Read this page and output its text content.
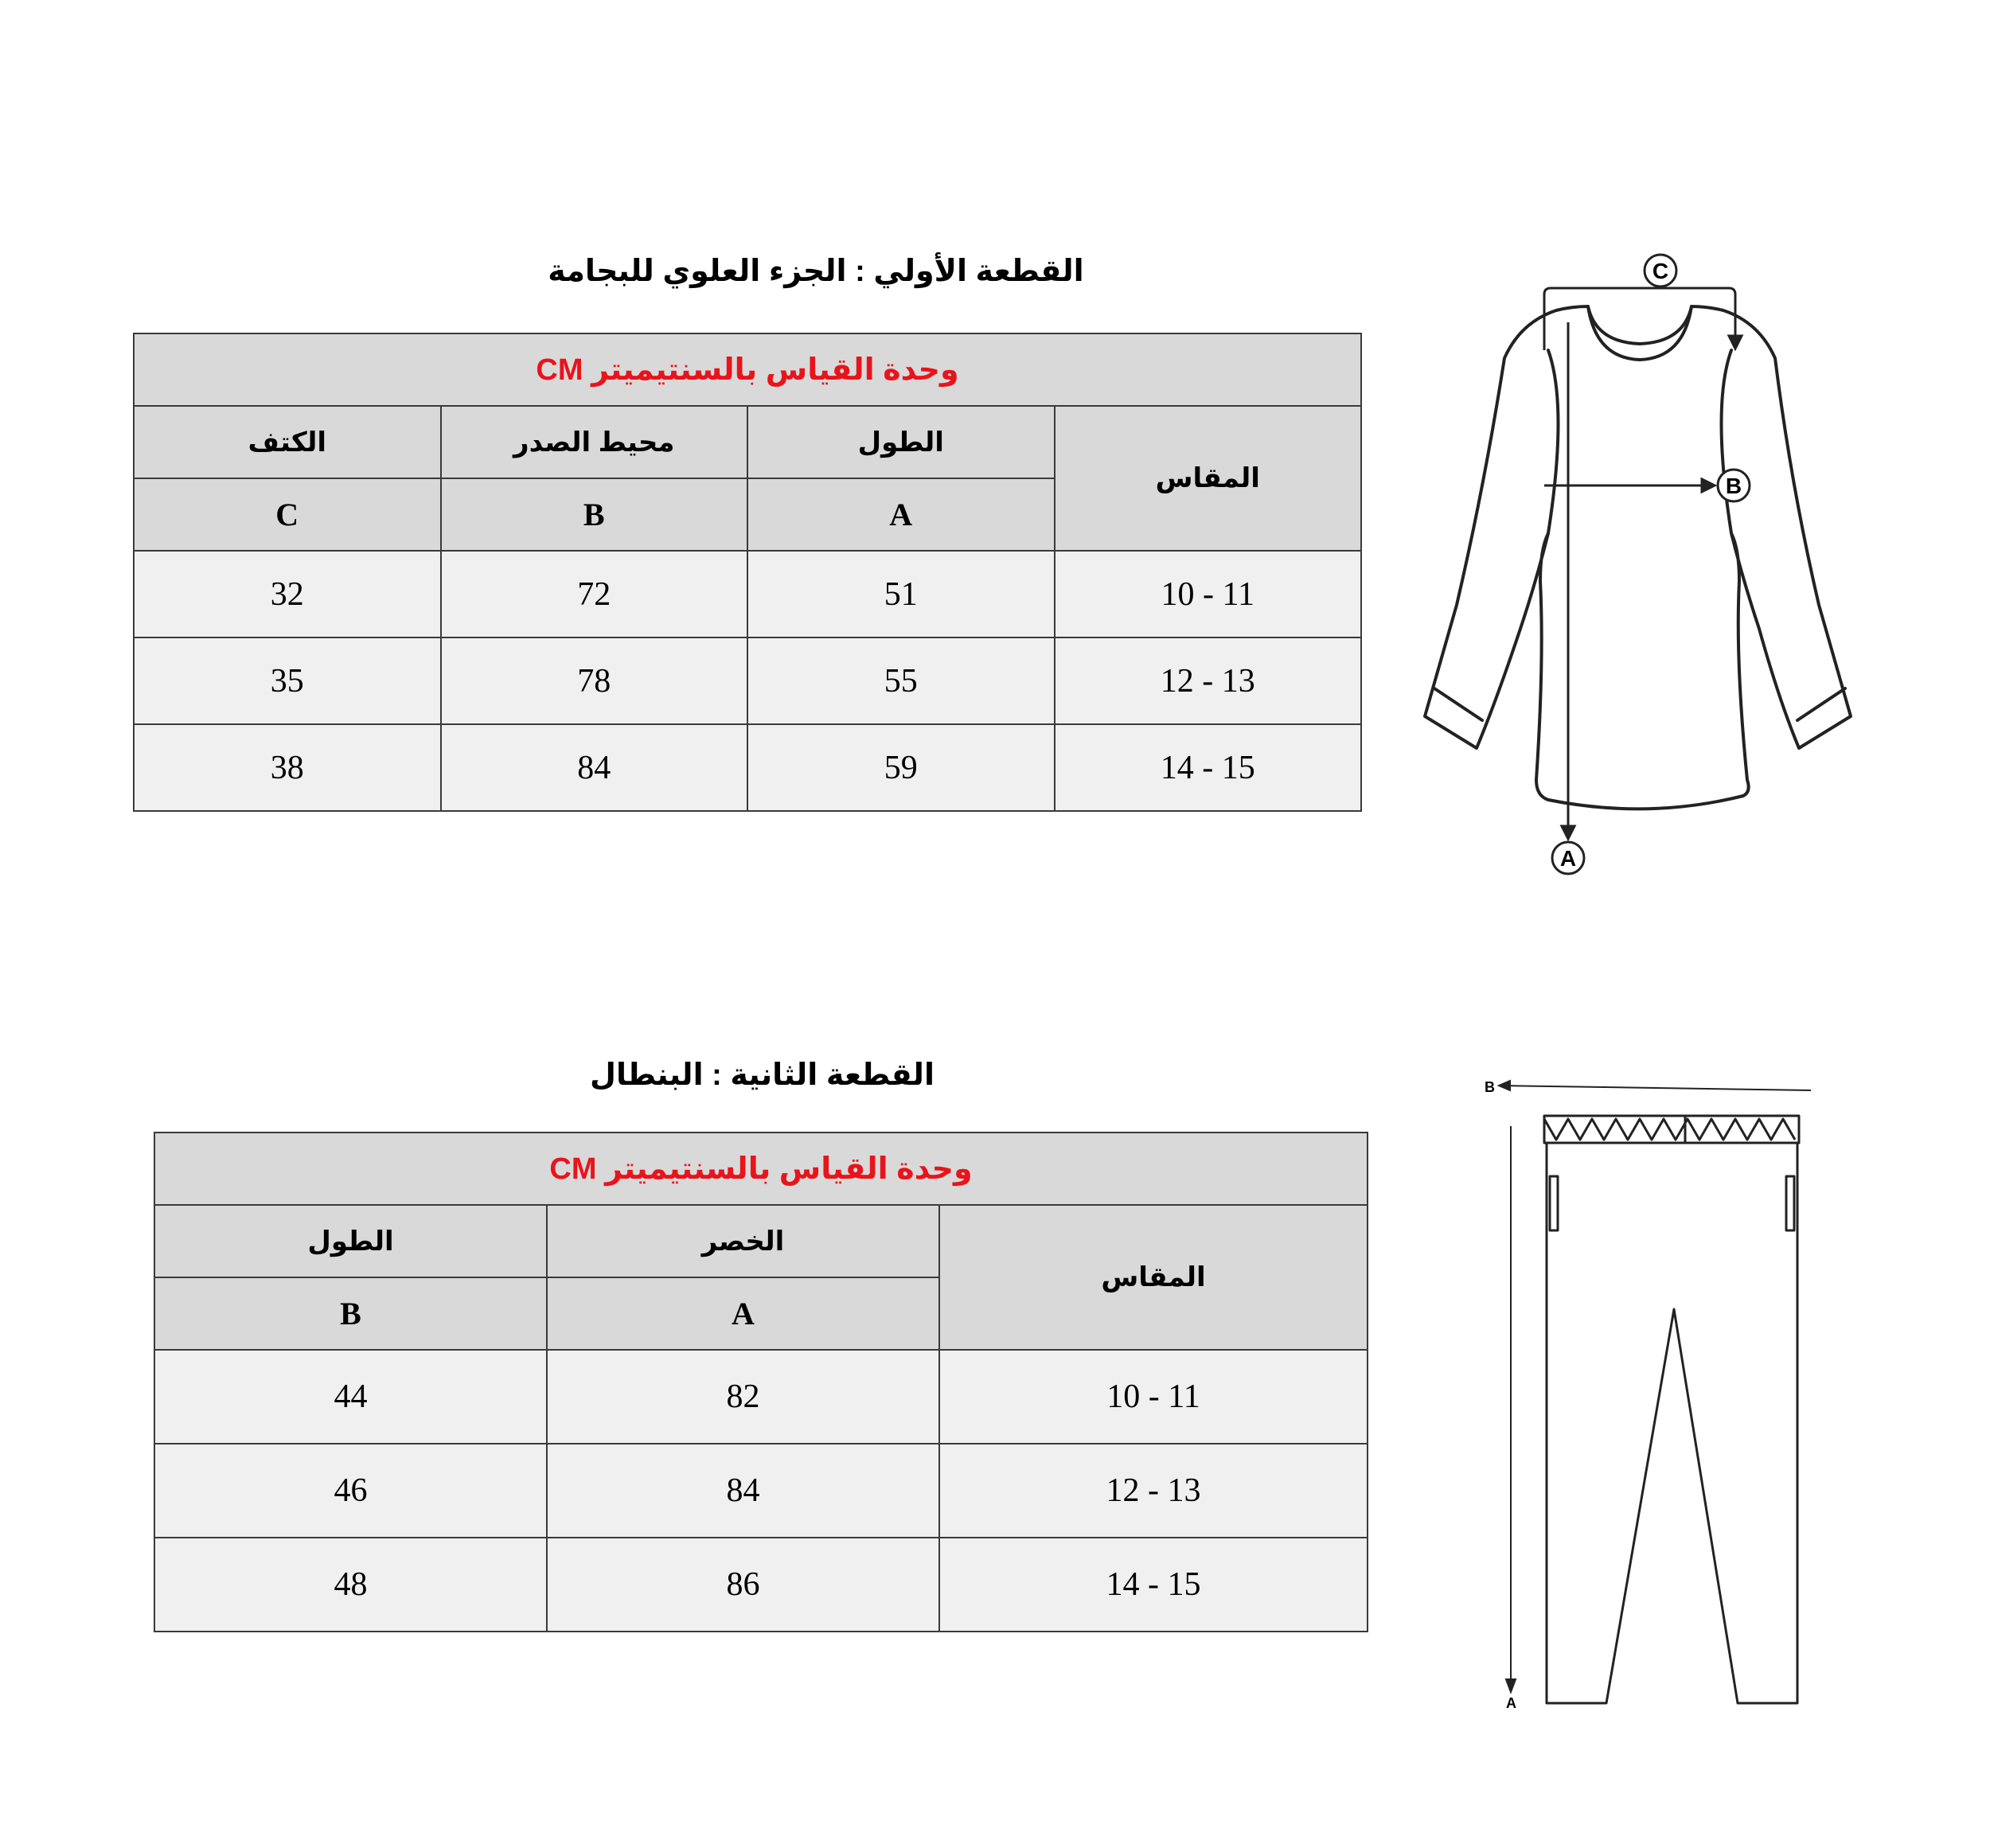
القطعة الأولي : الجزء العلوي للبجامة
وحدة القياس بالسنتيميتر CM			
الكتف	محيط الصدر	الطول	المقاس
C	B	A	
32	72	51	10 - 11
35	78	55	12 - 13
38	84	59	14 - 15
C
B
A
القطعة الثانية : البنطال
وحدة القياس بالسنتيميتر CM		
الطول	الخصر	المقاس
B	A	
44	82	10 - 11
46	84	12 - 13
48	86	14 - 15
B
A
